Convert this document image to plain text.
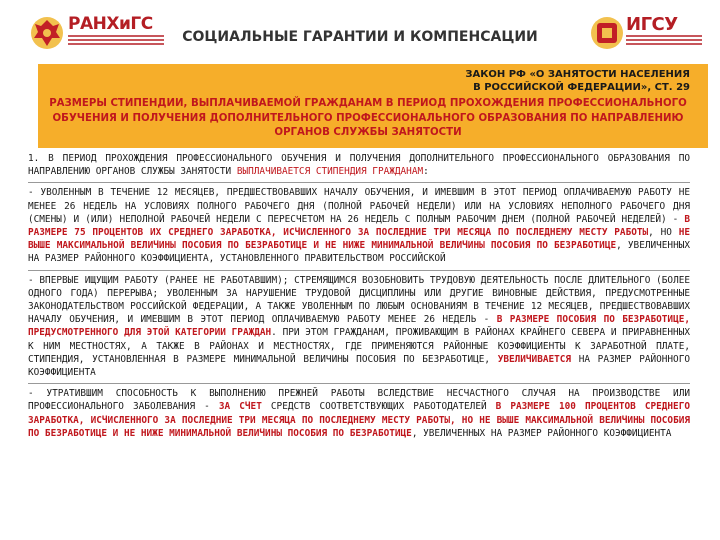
РАНХиГС
СОЦИАЛЬНЫЕ ГАРАНТИИ И КОМПЕНСАЦИИ
ИГСУ
ЗАКОН РФ «О ЗАНЯТОСТИ НАСЕЛЕНИЯ
В РОССИЙСКОЙ ФЕДЕРАЦИИ», СТ. 29
РАЗМЕРЫ СТИПЕНДИИ, ВЫПЛАЧИВАЕМОЙ ГРАЖДАНАМ В ПЕРИОД ПРОХОЖДЕНИЯ ПРОФЕССИОНАЛЬНОГО ОБУЧЕНИЯ И ПОЛУЧЕНИЯ ДОПОЛНИТЕЛЬНОГО ПРОФЕССИОНАЛЬНОГО ОБРАЗОВАНИЯ ПО НАПРАВЛЕНИЮ ОРГАНОВ СЛУЖБЫ ЗАНЯТОСТИ

1. В ПЕРИОД ПРОХОЖДЕНИЯ ПРОФЕССИОНАЛЬНОГО ОБУЧЕНИЯ И ПОЛУЧЕНИЯ ДОПОЛНИТЕЛЬНОГО ПРОФЕССИОНАЛЬНОГО ОБРАЗОВАНИЯ ПО НАПРАВЛЕНИЮ ОРГАНОВ СЛУЖБЫ ЗАНЯТОСТИ ВЫПЛАЧИВАЕТСЯ СТИПЕНДИЯ ГРАЖДАНАМ:

- УВОЛЕННЫМ В ТЕЧЕНИЕ 12 МЕСЯЦЕВ, ПРЕДШЕСТВОВАВШИХ НАЧАЛУ ОБУЧЕНИЯ, И ИМЕВШИМ В ЭТОТ ПЕРИОД ОПЛАЧИВАЕМУЮ РАБОТУ НЕ МЕНЕЕ 26 НЕДЕЛЬ НА УСЛОВИЯХ ПОЛНОГО РАБОЧЕГО ДНЯ (ПОЛНОЙ РАБОЧЕЙ НЕДЕЛИ) ИЛИ НА УСЛОВИЯХ НЕПОЛНОГО РАБОЧЕГО ДНЯ (СМЕНЫ) И (ИЛИ) НЕПОЛНОЙ РАБОЧЕЙ НЕДЕЛИ С ПЕРЕСЧЕТОМ НА 26 НЕДЕЛЬ С ПОЛНЫМ РАБОЧИМ ДНЕМ (ПОЛНОЙ РАБОЧЕЙ НЕДЕЛЕЙ) - В РАЗМЕРЕ 75 ПРОЦЕНТОВ ИХ СРЕДНЕГО ЗАРАБОТКА, ИСЧИСЛЕННОГО ЗА ПОСЛЕДНИЕ ТРИ МЕСЯЦА ПО ПОСЛЕДНЕМУ МЕСТУ РАБОТЫ, НО НЕ ВЫШЕ МАКСИМАЛЬНОЙ ВЕЛИЧИНЫ ПОСОБИЯ ПО БЕЗРАБОТИЦЕ И НЕ НИЖЕ МИНИМАЛЬНОЙ ВЕЛИЧИНЫ ПОСОБИЯ ПО БЕЗРАБОТИЦЕ, УВЕЛИЧЕННЫХ НА РАЗМЕР РАЙОННОГО КОЭФФИЦИЕНТА, УСТАНОВЛЕННОГО ПРАВИТЕЛЬСТВОМ РОССИЙСКОЙ

- ВПЕРВЫЕ ИЩУЩИМ РАБОТУ (РАНЕЕ НЕ РАБОТАВШИМ); СТРЕМЯЩИМСЯ ВОЗОБНОВИТЬ ТРУДОВУЮ ДЕЯТЕЛЬНОСТЬ ПОСЛЕ ДЛИТЕЛЬНОГО (БОЛЕЕ ОДНОГО ГОДА) ПЕРЕРЫВА; УВОЛЕННЫМ ЗА НАРУШЕНИЕ ТРУДОВОЙ ДИСЦИПЛИНЫ ИЛИ ДРУГИЕ ВИНОВНЫЕ ДЕЙСТВИЯ, ПРЕДУСМОТРЕННЫЕ ЗАКОНОДАТЕЛЬСТВОМ РОССИЙСКОЙ ФЕДЕРАЦИИ, А ТАКЖЕ УВОЛЕННЫМ ПО ЛЮБЫМ ОСНОВАНИЯМ В ТЕЧЕНИЕ 12 МЕСЯЦЕВ, ПРЕДШЕСТВОВАВШИХ НАЧАЛУ ОБУЧЕНИЯ, И ИМЕВШИМ В ЭТОТ ПЕРИОД ОПЛАЧИВАЕМУЮ РАБОТУ МЕНЕЕ 26 НЕДЕЛЬ - В РАЗМЕРЕ ПОСОБИЯ ПО БЕЗРАБОТИЦЕ, ПРЕДУСМОТРЕННОГО ДЛЯ ЭТОЙ КАТЕГОРИИ ГРАЖДАН. ПРИ ЭТОМ ГРАЖДАНАМ, ПРОЖИВАЮЩИМ В РАЙОНАХ КРАЙНЕГО СЕВЕРА И ПРИРАВНЕННЫХ К НИМ МЕСТНОСТЯХ, А ТАКЖЕ В РАЙОНАХ И МЕСТНОСТЯХ, ГДЕ ПРИМЕНЯЮТСЯ РАЙОННЫЕ КОЭФФИЦИЕНТЫ К ЗАРАБОТНОЙ ПЛАТЕ, СТИПЕНДИЯ, УСТАНОВЛЕННАЯ В РАЗМЕРЕ МИНИМАЛЬНОЙ ВЕЛИЧИНЫ ПОСОБИЯ ПО БЕЗРАБОТИЦЕ, УВЕЛИЧИВАЕТСЯ НА РАЗМЕР РАЙОННОГО КОЭФФИЦИЕНТА

- УТРАТИВШИМ СПОСОБНОСТЬ К ВЫПОЛНЕНИЮ ПРЕЖНЕЙ РАБОТЫ ВСЛЕДСТВИЕ НЕСЧАСТНОГО СЛУЧАЯ НА ПРОИЗВОДСТВЕ ИЛИ ПРОФЕССИОНАЛЬНОГО ЗАБОЛЕВАНИЯ - ЗА СЧЕТ СРЕДСТВ СООТВЕТСТВУЮЩИХ РАБОТОДАТЕЛЕЙ В РАЗМЕРЕ 100 ПРОЦЕНТОВ СРЕДНЕГО ЗАРАБОТКА, ИСЧИСЛЕННОГО ЗА ПОСЛЕДНИЕ ТРИ МЕСЯЦА ПО ПОСЛЕДНЕМУ МЕСТУ РАБОТЫ, НО НЕ ВЫШЕ МАКСИМАЛЬНОЙ ВЕЛИЧИНЫ ПОСОБИЯ ПО БЕЗРАБОТИЦЕ И НЕ НИЖЕ МИНИМАЛЬНОЙ ВЕЛИЧИНЫ ПОСОБИЯ ПО БЕЗРАБОТИЦЕ, УВЕЛИЧЕННЫХ НА РАЗМЕР РАЙОННОГО КОЭФФИЦИЕНТА
